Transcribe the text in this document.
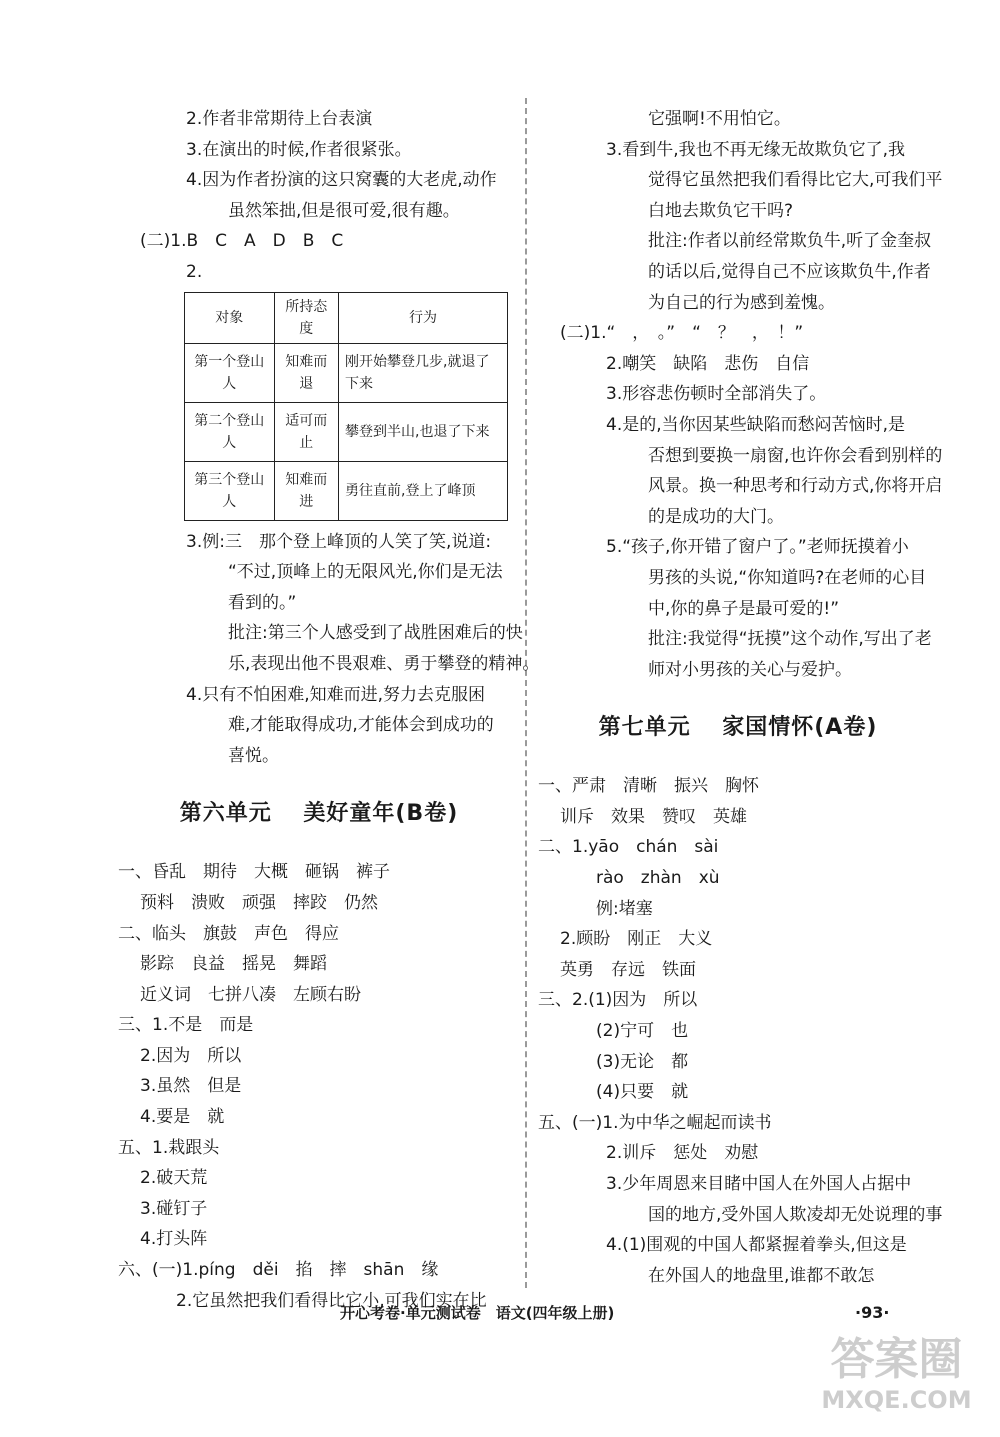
2.作者非常期待上台表演
3.在演出的时候,作者很紧张。
4.因为作者扮演的这只窝囊的大老虎,动作
虽然笨拙,但是很可爱,很有趣。
(二)1.B　C　A　D　B　C
2.
对象	所持态度	行为
第一个登山人	知难而退	刚开始攀登几步,就退了下来
第二个登山人	适可而止	攀登到半山,也退了下来
第三个登山人	知难而进	勇往直前,登上了峰顶
3.例:三　那个登上峰顶的人笑了笑,说道:
“不过,顶峰上的无限风光,你们是无法
看到的。”
批注:第三个人感受到了战胜困难后的快
乐,表现出他不畏艰难、勇于攀登的精神。
4.只有不怕困难,知难而进,努力去克服困
难,才能取得成功,才能体会到成功的
喜悦。
第六单元　 美好童年(B卷)
一、昏乱　期待　大概　砸锅　裤子
预料　溃败　顽强　摔跤　仍然
二、临头　旗鼓　声色　得应
影踪　良益　摇晃　舞蹈
近义词　七拼八凑　左顾右盼
三、1.不是　而是
2.因为　所以
3.虽然　但是
4.要是　就
五、1.栽跟头
2.破天荒
3.碰钉子
4.打头阵
六、(一)1.píng　děi　掐　摔　shān　缘
2.它虽然把我们看得比它小,可我们实在比
它强啊!不用怕它。
3.看到牛,我也不再无缘无故欺负它了,我
觉得它虽然把我们看得比它大,可我们平
白地去欺负它干吗?
批注:作者以前经常欺负牛,听了金奎叔
的话以后,觉得自己不应该欺负牛,作者
为自己的行为感到羞愧。
(二)1.“　，　。”　“　？　，　！”
2.嘲笑　缺陷　悲伤　自信
3.形容悲伤顿时全部消失了。
4.是的,当你因某些缺陷而愁闷苦恼时,是
否想到要换一扇窗,也许你会看到别样的
风景。换一种思考和行动方式,你将开启
的是成功的大门。
5.“孩子,你开错了窗户了。”老师抚摸着小
男孩的头说,“你知道吗?在老师的心目
中,你的鼻子是最可爱的!”
批注:我觉得“抚摸”这个动作,写出了老
师对小男孩的关心与爱护。
第七单元　 家国情怀(A卷)
一、严肃　清晰　振兴　胸怀
训斥　效果　赞叹　英雄
二、1.yāo　chán　sài
rào　zhàn　xù
例:堵塞
2.顾盼　刚正　大义
英勇　存远　铁面
三、2.(1)因为　所以
(2)宁可　也
(3)无论　都
(4)只要　就
五、(一)1.为中华之崛起而读书
2.训斥　惩处　劝慰
3.少年周恩来目睹中国人在外国人占据中
国的地方,受外国人欺凌却无处说理的事
4.(1)围观的中国人都紧握着拳头,但这是
在外国人的地盘里,谁都不敢怎
开心考卷·单元测试卷　语文(四年级上册)	·93·
答案圈
MXQE.COM
